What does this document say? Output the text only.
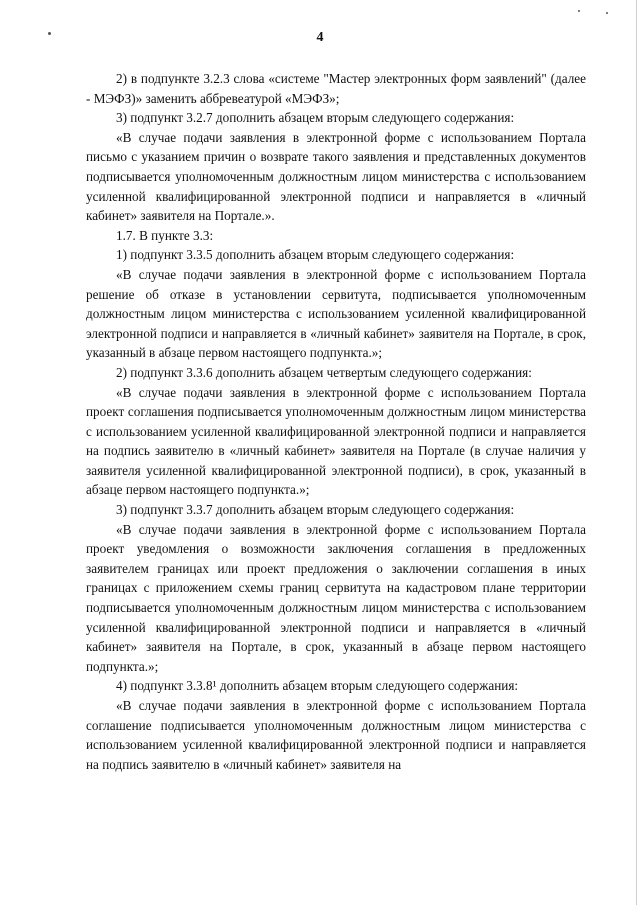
4

2) в подпункте 3.2.3 слова «системе "Мастер электронных форм заявлений" (далее - МЭФЗ)» заменить аббревеатурой «МЭФЗ»;

3) подпункт 3.2.7 дополнить абзацем вторым следующего содержания:

«В случае подачи заявления в электронной форме с использованием Портала письмо с указанием причин о возврате такого заявления и представленных документов подписывается уполномоченным должностным лицом министерства с использованием усиленной квалифицированной электронной подписи и направляется в «личный кабинет» заявителя на Портале.».

1.7. В пункте 3.3:

1) подпункт 3.3.5 дополнить абзацем вторым следующего содержания:

«В случае подачи заявления в электронной форме с использованием Портала решение об отказе в установлении сервитута, подписывается уполномоченным должностным лицом министерства с использованием усиленной квалифицированной электронной подписи и направляется в «личный кабинет» заявителя на Портале, в срок, указанный в абзаце первом настоящего подпункта.»;

2) подпункт 3.3.6 дополнить абзацем четвертым следующего содержания:

«В случае подачи заявления в электронной форме с использованием Портала проект соглашения подписывается уполномоченным должностным лицом министерства с использованием усиленной квалифицированной электронной подписи и направляется на подпись заявителю в «личный кабинет» заявителя на Портале (в случае наличия у заявителя усиленной квалифицированной электронной подписи), в срок, указанный в абзаце первом настоящего подпункта.»;

3) подпункт 3.3.7 дополнить абзацем вторым следующего содержания:

«В случае подачи заявления в электронной форме с использованием Портала проект уведомления о возможности заключения соглашения в предложенных заявителем границах или проект предложения о заключении соглашения в иных границах с приложением схемы границ сервитута на кадастровом плане территории подписывается уполномоченным должностным лицом министерства с использованием усиленной квалифицированной электронной подписи и направляется в «личный кабинет» заявителя на Портале, в срок, указанный в абзаце первом настоящего подпункта.»;

4) подпункт 3.3.8¹ дополнить абзацем вторым следующего содержания:

«В случае подачи заявления в электронной форме с использованием Портала соглашение подписывается уполномоченным должностным лицом министерства с использованием усиленной квалифицированной электронной подписи и направляется на подпись заявителю в «личный кабинет» заявителя на
